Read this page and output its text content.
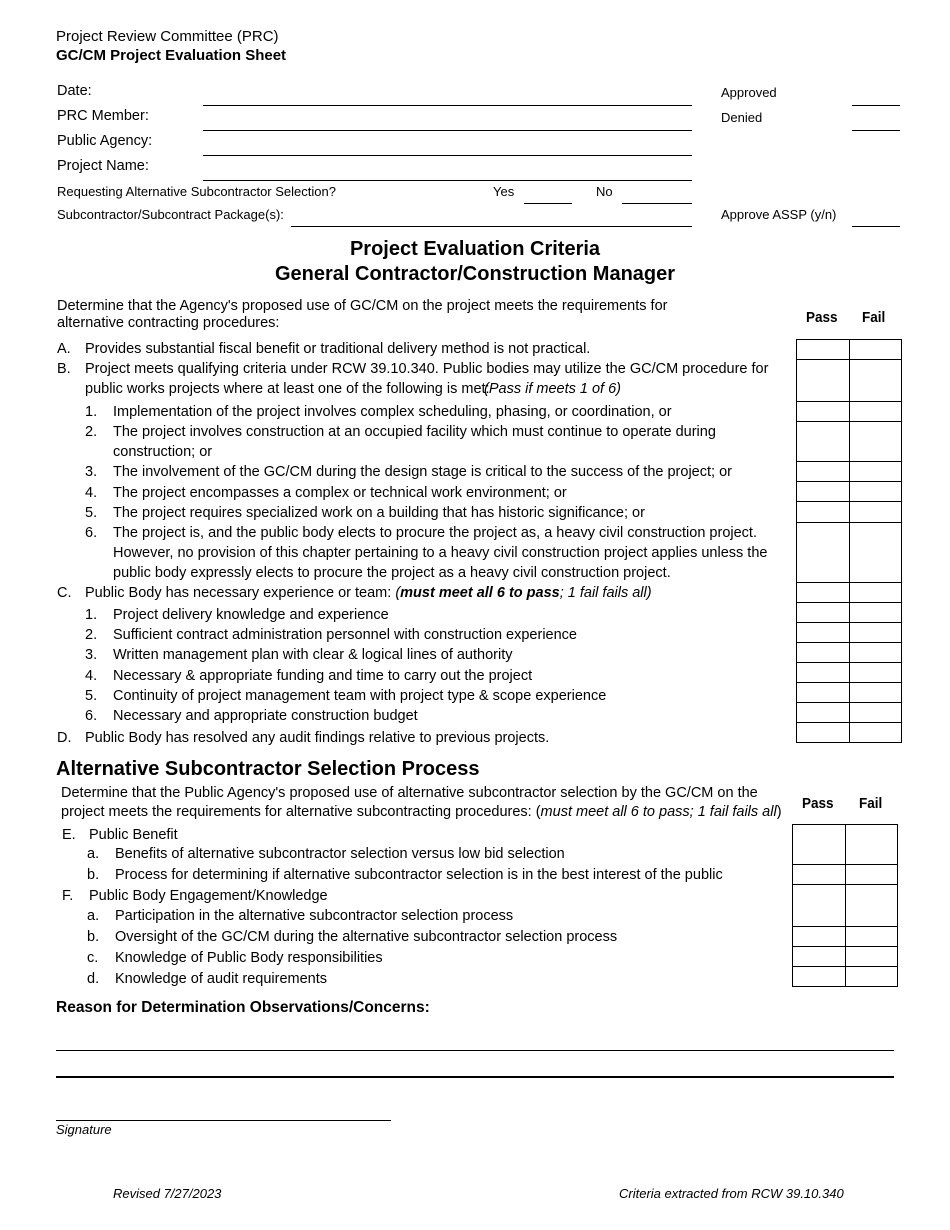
Project Review Committee (PRC)
GC/CM Project Evaluation Sheet
Date:
PRC Member:
Public Agency:
Project Name:
Requesting Alternative Subcontractor Selection?	Yes	No
Subcontractor/Subcontract Package(s):
Approved
Denied
Approve ASSP (y/n)
Project Evaluation Criteria
General Contractor/Construction Manager
Determine that the Agency's proposed use of GC/CM on the project meets the requirements for
alternative contracting procedures:	Pass Fail
A. Provides substantial fiscal benefit or traditional delivery method is not practical.
B. Project meets qualifying criteria under RCW 39.10.340. Public bodies may utilize the GC/CM procedure for
public works projects where at least one of the following is met:
(Pass if meets 1 of 6)
1. Implementation of the project involves complex scheduling, phasing, or coordination, or
2. The project involves construction at an occupied facility which must continue to operate during
construction; or
3. The involvement of the GC/CM during the design stage is critical to the success of the project; or
4. The project encompasses a complex or technical work environment; or
5. The project requires specialized work on a building that has historic significance; or
6. The project is, and the public body elects to procure the project as, a heavy civil construction project.
However, no provision of this chapter pertaining to a heavy civil construction project applies unless the
public body expressly elects to procure the project as a heavy civil construction project.
C. Public Body has necessary experience or team: (must meet all 6 to pass; 1 fail fails all)
1. Project delivery knowledge and experience
2. Sufficient contract administration personnel with construction experience
3. Written management plan with clear & logical lines of authority
4. Necessary & appropriate funding and time to carry out the project
5. Continuity of project management team with project type & scope experience
6. Necessary and appropriate construction budget
D. Public Body has resolved any audit findings relative to previous projects.

Alternative Subcontractor Selection Process
Determine that the Public Agency's proposed use of alternative subcontractor selection by the GC/CM on the
project meets the requirements for alternative subcontracting procedures: (must meet all 6 to pass; 1 fail fails all) Pass Fail
E. Public Benefit
a. Benefits of alternative subcontractor selection versus low bid selection
b. Process for determining if alternative subcontractor selection is in the best interest of the public
F. Public Body Engagement/Knowledge
a. Participation in the alternative subcontractor selection process
b. Oversight of the GC/CM during the alternative subcontractor selection process
c. Knowledge of Public Body responsibilities
d. Knowledge of audit requirements

Reason for Determination Observations/Concerns:
Signature
Revised 7/27/2023	Criteria extracted from RCW 39.10.340
